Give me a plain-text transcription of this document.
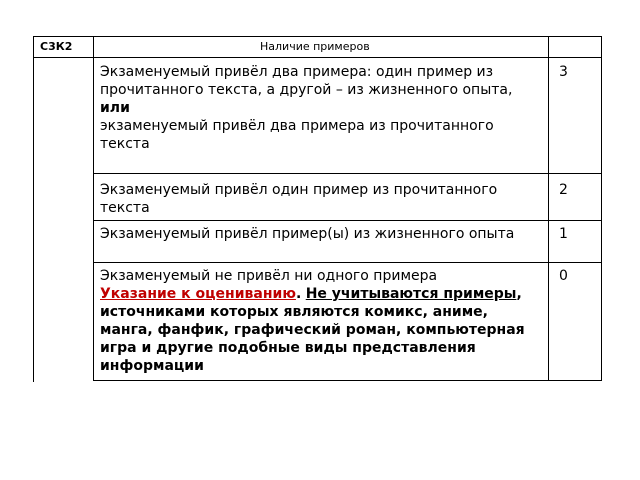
С3К2	Наличие примеров
Экзаменуемый привёл два примера: один пример из прочитанного текста, а другой – из жизненного опыта,
или
экзаменуемый привёл два примера из прочитанного текста
3
Экзаменуемый привёл один пример из прочитанного текста
2
Экзаменуемый привёл пример(ы) из жизненного опыта	1
Экзаменуемый не привёл ни одного примера
Указание к оцениванию. Не учитываются примеры, источниками которых являются комикс, аниме, манга, фанфик, графический роман, компьютерная игра и другие подобные виды представления информации
0
